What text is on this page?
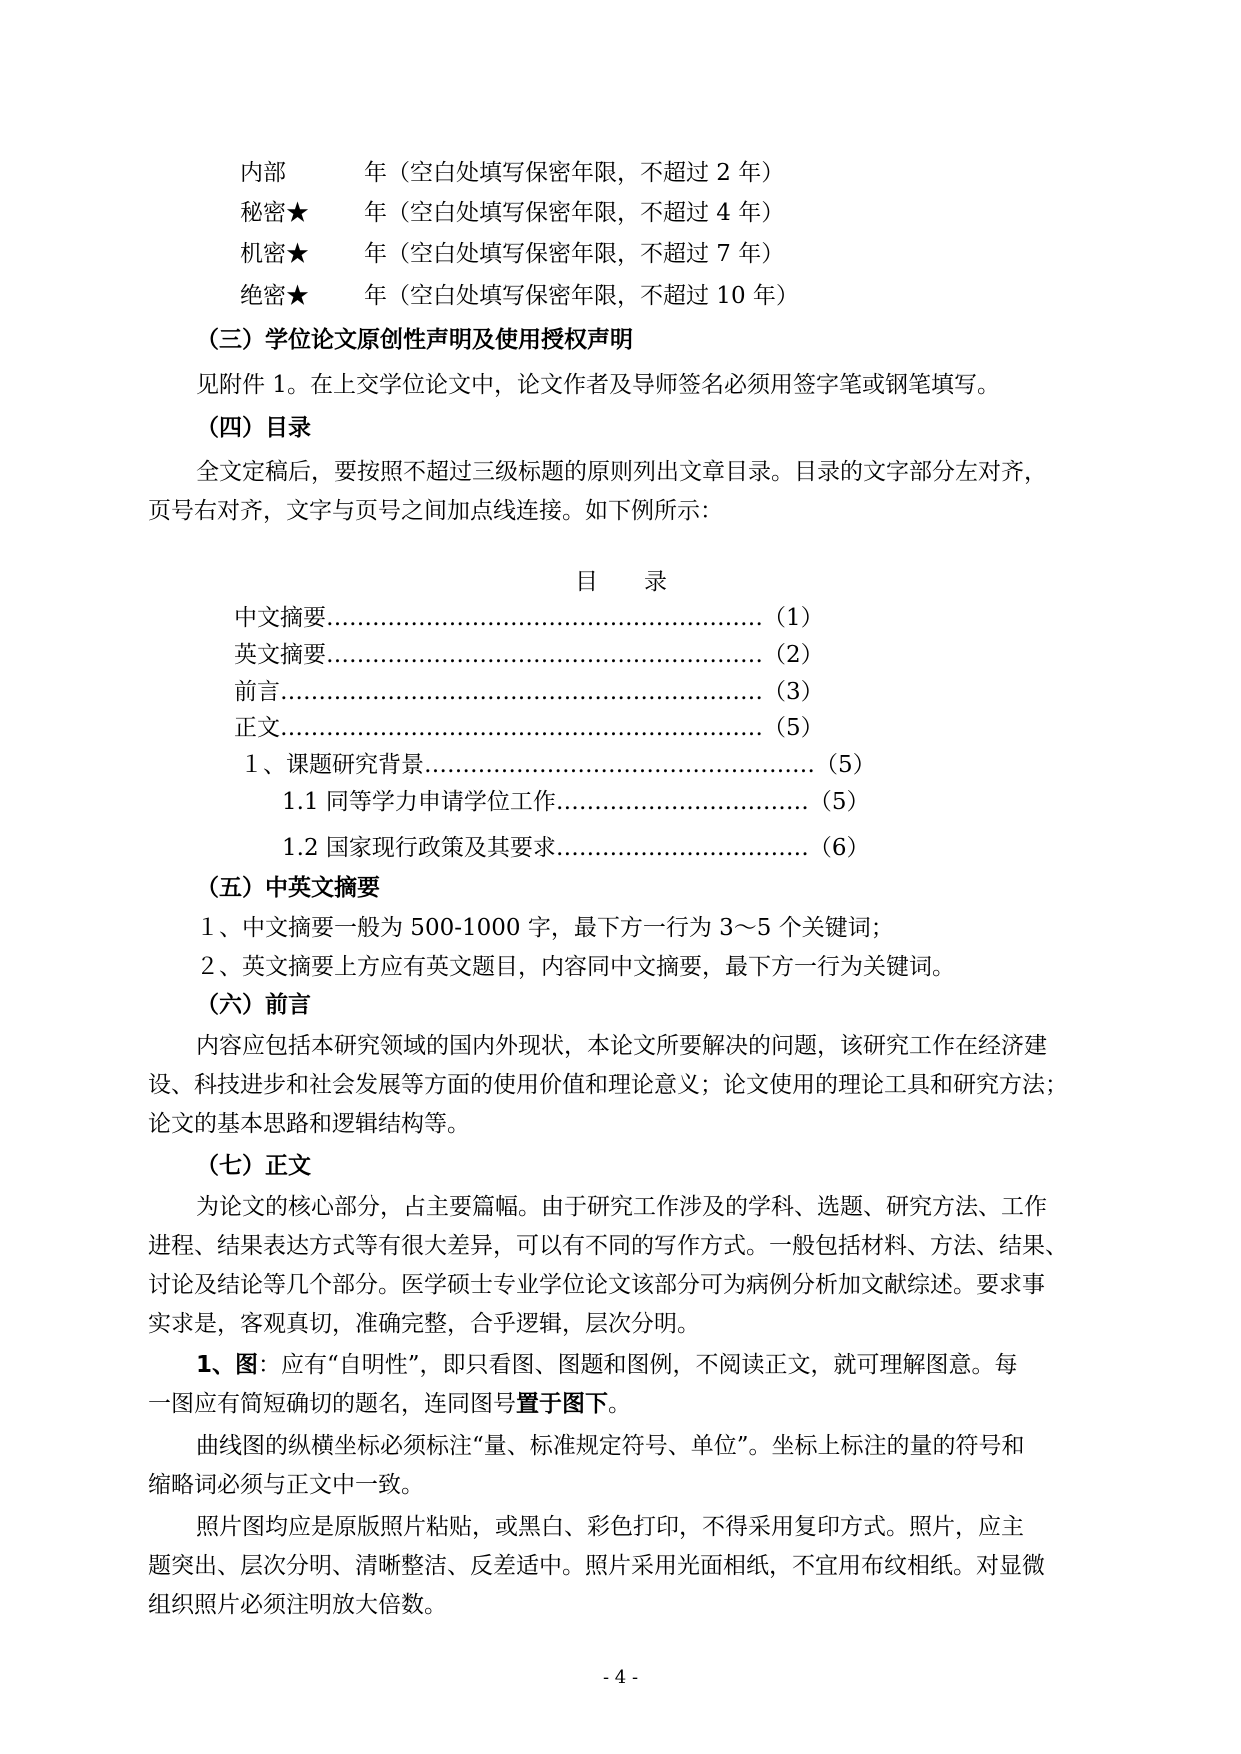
内部	年（空白处填写保密年限，不超过 2 年）
秘密★ 年（空白处填写保密年限，不超过 4 年）
机密★ 年（空白处填写保密年限，不超过 7 年）
绝密★ 年（空白处填写保密年限，不超过 10 年）
（三）学位论文原创性声明及使用授权声明
见附件 1。在上交学位论文中，论文作者及导师签名必须用签字笔或钢笔填写。
（四）目录
全文定稿后，要按照不超过三级标题的原则列出文章目录。目录的文字部分左对齐，
页号右对齐，文字与页号之间加点线连接。如下例所示：
目　　录
中文摘要…………………………………………………（1）
英文摘要…………………………………………………（2）
前言………………………………………………………（3）
正文………………………………………………………（5）
１、课题研究背景……………………………………………（5）
1.1 同等学力申请学位工作……………………………（5）
1.2 国家现行政策及其要求……………………………（6）
（五）中英文摘要
１、中文摘要一般为 500-1000 字，最下方一行为 3～5 个关键词；
２、英文摘要上方应有英文题目，内容同中文摘要，最下方一行为关键词。
（六）前言
内容应包括本研究领域的国内外现状，本论文所要解决的问题，该研究工作在经济建
设、科技进步和社会发展等方面的使用价值和理论意义；论文使用的理论工具和研究方法；
论文的基本思路和逻辑结构等。
（七）正文
为论文的核心部分，占主要篇幅。由于研究工作涉及的学科、选题、研究方法、工作
进程、结果表达方式等有很大差异，可以有不同的写作方式。一般包括材料、方法、结果、
讨论及结论等几个部分。医学硕士专业学位论文该部分可为病例分析加文献综述。要求事
实求是，客观真切，准确完整，合乎逻辑，层次分明。
1、图：应有“自明性”，即只看图、图题和图例，不阅读正文，就可理解图意。每
一图应有简短确切的题名，连同图号置于图下。
曲线图的纵横坐标必须标注“量、标准规定符号、单位”。坐标上标注的量的符号和
缩略词必须与正文中一致。
照片图均应是原版照片粘贴，或黑白、彩色打印，不得采用复印方式。照片，应主
题突出、层次分明、清晰整洁、反差适中。照片采用光面相纸，不宜用布纹相纸。对显微
组织照片必须注明放大倍数。
- 4 -
